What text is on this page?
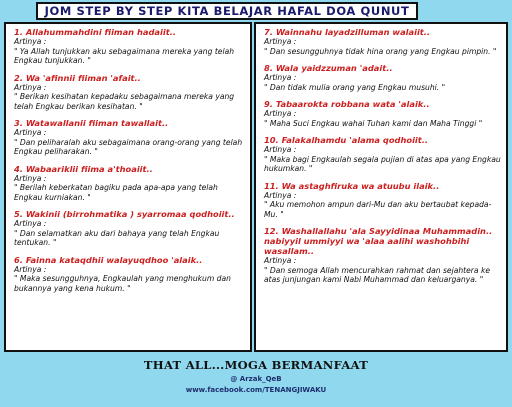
JOM STEP BY STEP KITA BELAJAR HAFAL DOA QUNUT
1. Allahummahdini fiiman hadaiit..
Artinya :
" Ya Allah tunjukkan aku sebagaimana mereka yang telah Engkau tunjukkan. "
2. Wa 'afinnii fiiman 'afait..
Artinya :
" Berikan kesihatan kepadaku sebagaimana mereka yang telah Engkau berikan kesihatan. "
3. Watawallanii fiiman tawallait..
Artinya :
" Dan peliharalah aku sebagaimana orang-orang yang telah Engkau peliharakan. "
4. Wabaariklii fiima a'thoaiit..
Artinya :
" Berilah keberkatan bagiku pada apa-apa yang telah Engkau kurniakan. "
5. Wakinii (birrohmatika ) syarromaa qodhoiit..
Artinya :
" Dan selamatkan aku dari bahaya yang telah Engkau tentukan. "
6. Fainna kataqdhii walayuqdhoo 'alaik..
Artinya :
" Maka sesungguhnya, Engkaulah yang menghukum dan bukannya yang kena hukum. "
7. Wainnahu layadzilluman walaiit..
Artinya :
" Dan sesungguhnya tidak hina orang yang Engkau pimpin. "
8. Wala yaidzzuman 'adait..
Artinya :
" Dan tidak mulia orang yang Engkau musuhi. "
9. Tabaarokta robbana wata 'alaik..
Artinya :
" Maha Suci Engkau wahai Tuhan kami dan Maha Tinggi "
10. Falakalhamdu 'alama qodhoiit..
Artinya :
" Maka bagi Engkaulah segala pujian di atas apa yang Engkau hukumkan. "
11. Wa astaghfiruka wa atuubu ilaik..
Artinya :
" Aku memohon ampun dari-Mu dan aku bertaubat kepada-Mu. "
12. Washallallahu 'ala Sayyidinaa Muhammadin.. nabiyyil ummiyyi wa 'alaa aalihi washohbihi wasallam..
Artinya :
" Dan semoga Allah mencurahkan rahmat dan sejahtera ke atas junjungan kami Nabi Muhammad dan keluarganya. "
THAT ALL...MOGA BERMANFAAT
@ Arzak_QeB
www.facebook.com/TENANGJIWAKU
